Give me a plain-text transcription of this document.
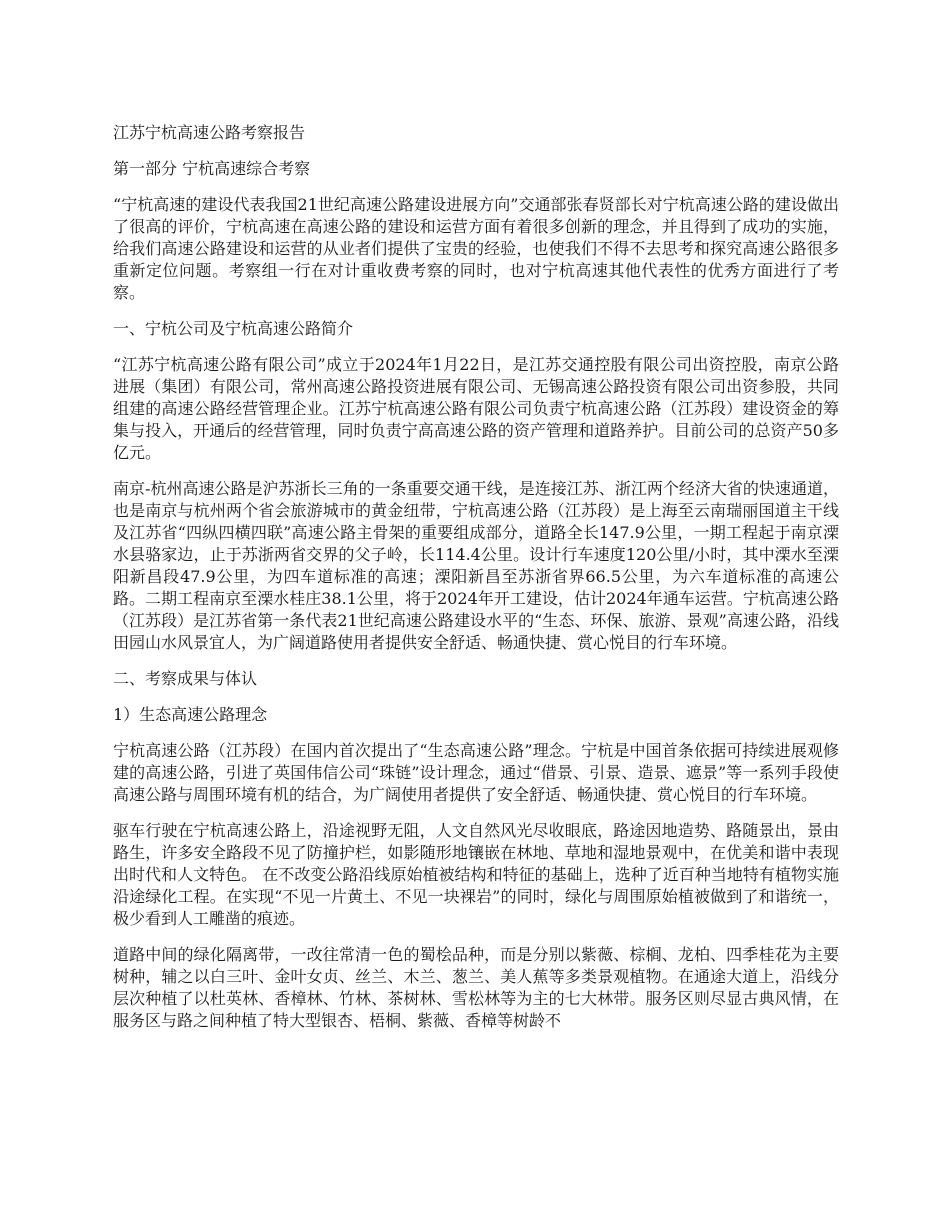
江苏宁杭高速公路考察报告

第一部分 宁杭高速综合考察

“宁杭高速的建设代表我国21世纪高速公路建设进展方向”交通部张春贤部长对宁杭高速公路的建设做出了很高的评价，宁杭高速在高速公路的建设和运营方面有着很多创新的理念，并且得到了成功的实施，给我们高速公路建设和运营的从业者们提供了宝贵的经验，也使我们不得不去思考和探究高速公路很多重新定位问题。考察组一行在对计重收费考察的同时，也对宁杭高速其他代表性的优秀方面进行了考察。

一、宁杭公司及宁杭高速公路简介

“江苏宁杭高速公路有限公司”成立于2024年1月22日，是江苏交通控股有限公司出资控股，南京公路进展（集团）有限公司，常州高速公路投资进展有限公司、无锡高速公路投资有限公司出资参股，共同组建的高速公路经营管理企业。江苏宁杭高速公路有限公司负责宁杭高速公路（江苏段）建设资金的筹集与投入，开通后的经营管理，同时负责宁高高速公路的资产管理和道路养护。目前公司的总资产50多亿元。

南京-杭州高速公路是沪苏浙长三角的一条重要交通干线，是连接江苏、浙江两个经济大省的快速通道，也是南京与杭州两个省会旅游城市的黄金纽带，宁杭高速公路（江苏段）是上海至云南瑞丽国道主干线及江苏省“四纵四横四联”高速公路主骨架的重要组成部分，道路全长147.9公里，一期工程起于南京溧水县骆家边，止于苏浙两省交界的父子岭，长114.4公里。设计行车速度120公里/小时，其中溧水至溧阳新昌段47.9公里，为四车道标准的高速；溧阳新昌至苏浙省界66.5公里，为六车道标准的高速公路。二期工程南京至溧水桂庄38.1公里，将于2024年开工建设，估计2024年通车运营。宁杭高速公路（江苏段）是江苏省第一条代表21世纪高速公路建设水平的“生态、环保、旅游、景观”高速公路，沿线田园山水风景宜人，为广阔道路使用者提供安全舒适、畅通快捷、赏心悦目的行车环境。

二、考察成果与体认

1）生态高速公路理念

宁杭高速公路（江苏段）在国内首次提出了“生态高速公路”理念。宁杭是中国首条依据可持续进展观修建的高速公路，引进了英国伟信公司“珠链”设计理念，通过“借景、引景、造景、遮景”等一系列手段使高速公路与周围环境有机的结合，为广阔使用者提供了安全舒适、畅通快捷、赏心悦目的行车环境。

驱车行驶在宁杭高速公路上，沿途视野无阻，人文自然风光尽收眼底，路途因地造势、路随景出，景由路生，许多安全路段不见了防撞护栏，如影随形地镶嵌在林地、草地和湿地景观中，在优美和谐中表现出时代和人文特色。 在不改变公路沿线原始植被结构和特征的基础上，选种了近百种当地特有植物实施沿途绿化工程。在实现“不见一片黄土、不见一块裸岩”的同时，绿化与周围原始植被做到了和谐统一，极少看到人工雕凿的痕迹。

道路中间的绿化隔离带，一改往常清一色的蜀桧品种，而是分别以紫薇、棕榈、龙柏、四季桂花为主要树种，辅之以白三叶、金叶女贞、丝兰、木兰、葱兰、美人蕉等多类景观植物。在通途大道上，沿线分层次种植了以杜英林、香樟林、竹林、茶树林、雪松林等为主的七大林带。服务区则尽显古典风情，在服务区与路之间种植了特大型银杏、梧桐、紫薇、香樟等树龄不
